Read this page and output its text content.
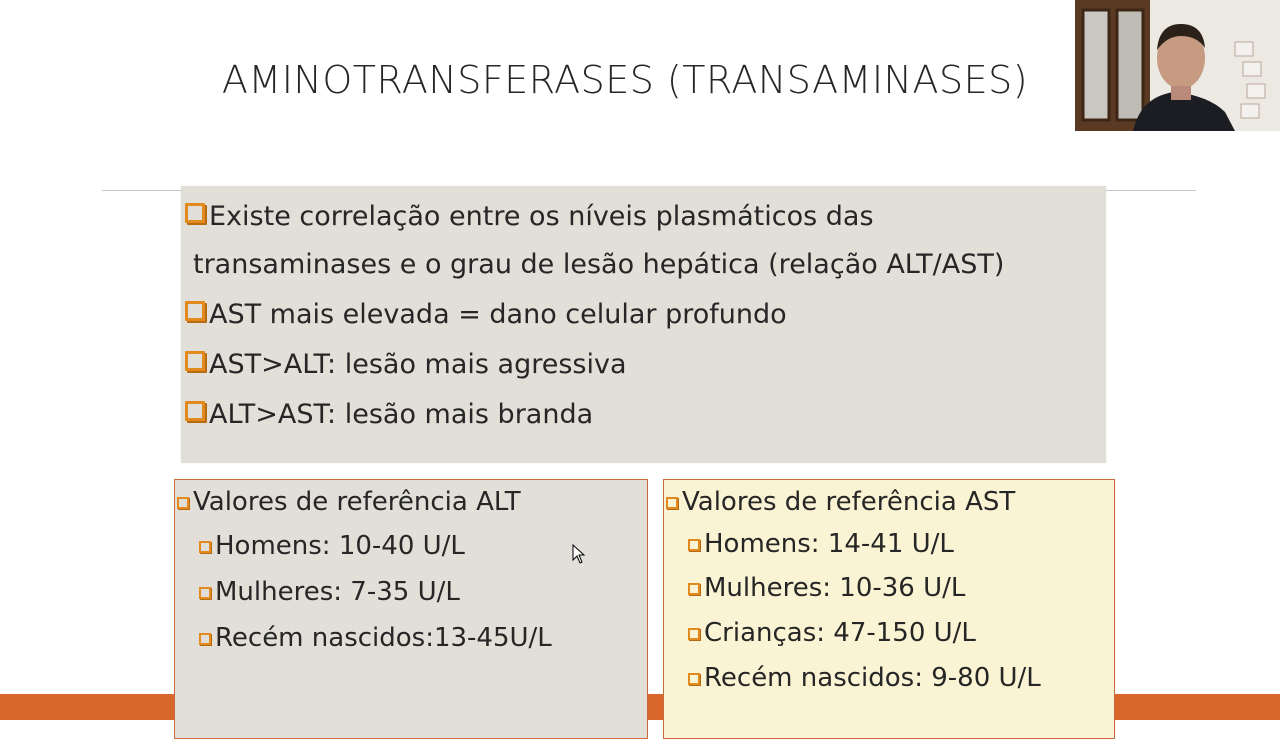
AMINOTRANSFERASES (TRANSAMINASES)
Existe correlação entre os níveis plasmáticos das
transaminases e o grau de lesão hepática (relação ALT/AST)
AST mais elevada = dano celular profundo
AST>ALT: lesão mais agressiva
ALT>AST: lesão mais branda
Valores de referência ALT
Homens: 10-40 U/L
Mulheres: 7-35 U/L
Recém nascidos:13-45U/L
Valores de referência AST
Homens: 14-41 U/L
Mulheres: 10-36 U/L
Crianças: 47-150 U/L
Recém nascidos: 9-80 U/L
